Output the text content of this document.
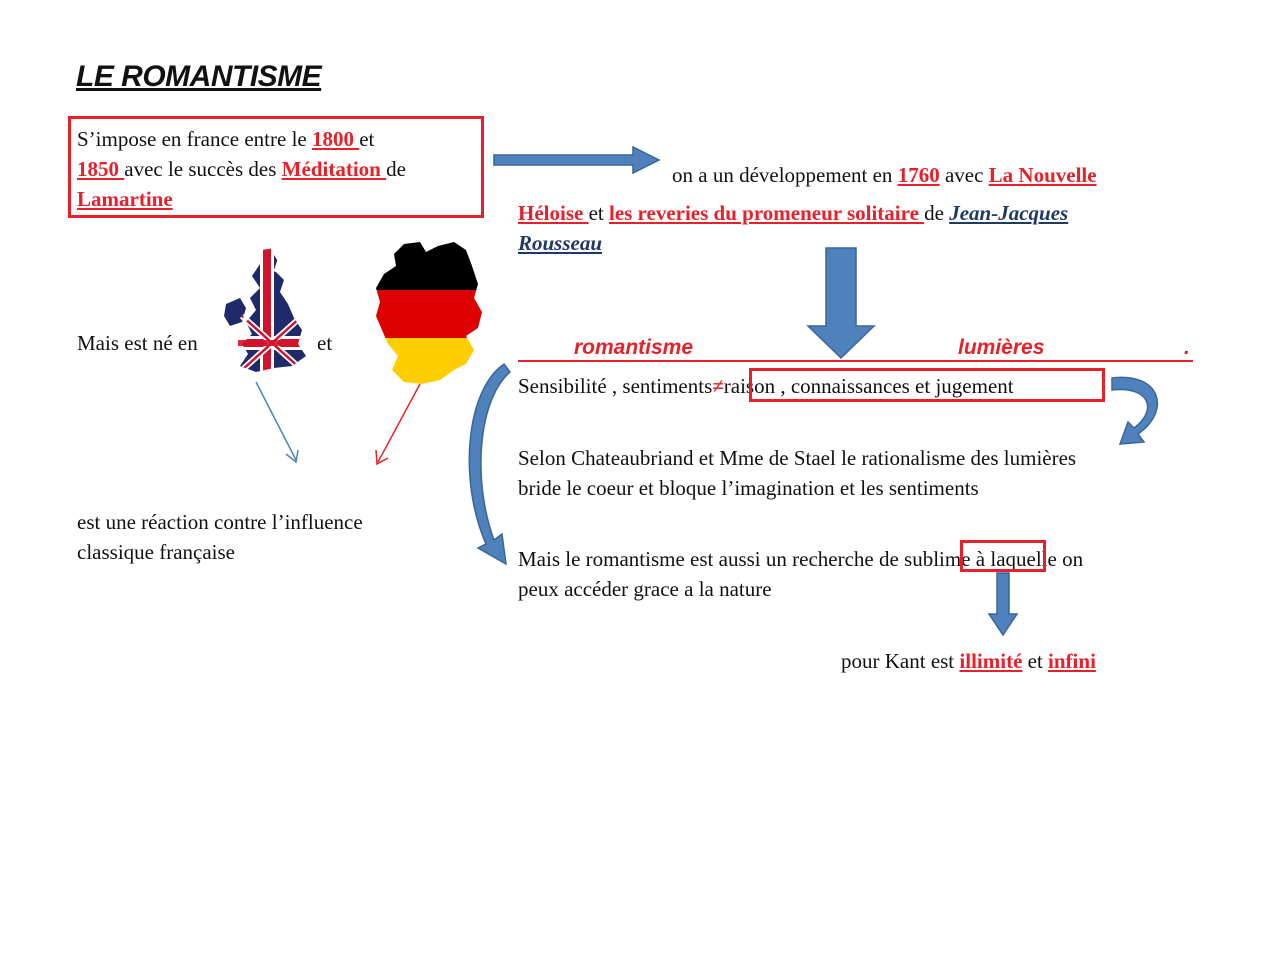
LE ROMANTISME
S’impose en france entre le 1800 et
1850 avec le succès des Méditation de
Lamartine
on a un développement en 1760 avec La Nouvelle
Héloise et les reveries du promeneur solitaire de Jean-Jacques
Rousseau
Mais est né en	et
est une réaction contre l’influence
classique française
romantisme	lumières	.
Sensibilité , sentiments≠raison , connaissances et jugement
Selon Chateaubriand et Mme de Stael le rationalisme des lumières
bride le coeur et bloque l’imagination et les sentiments
Mais le romantisme est aussi un recherche de sublime à laquelle on
peux accéder grace a la nature
pour Kant est illimité et infini
